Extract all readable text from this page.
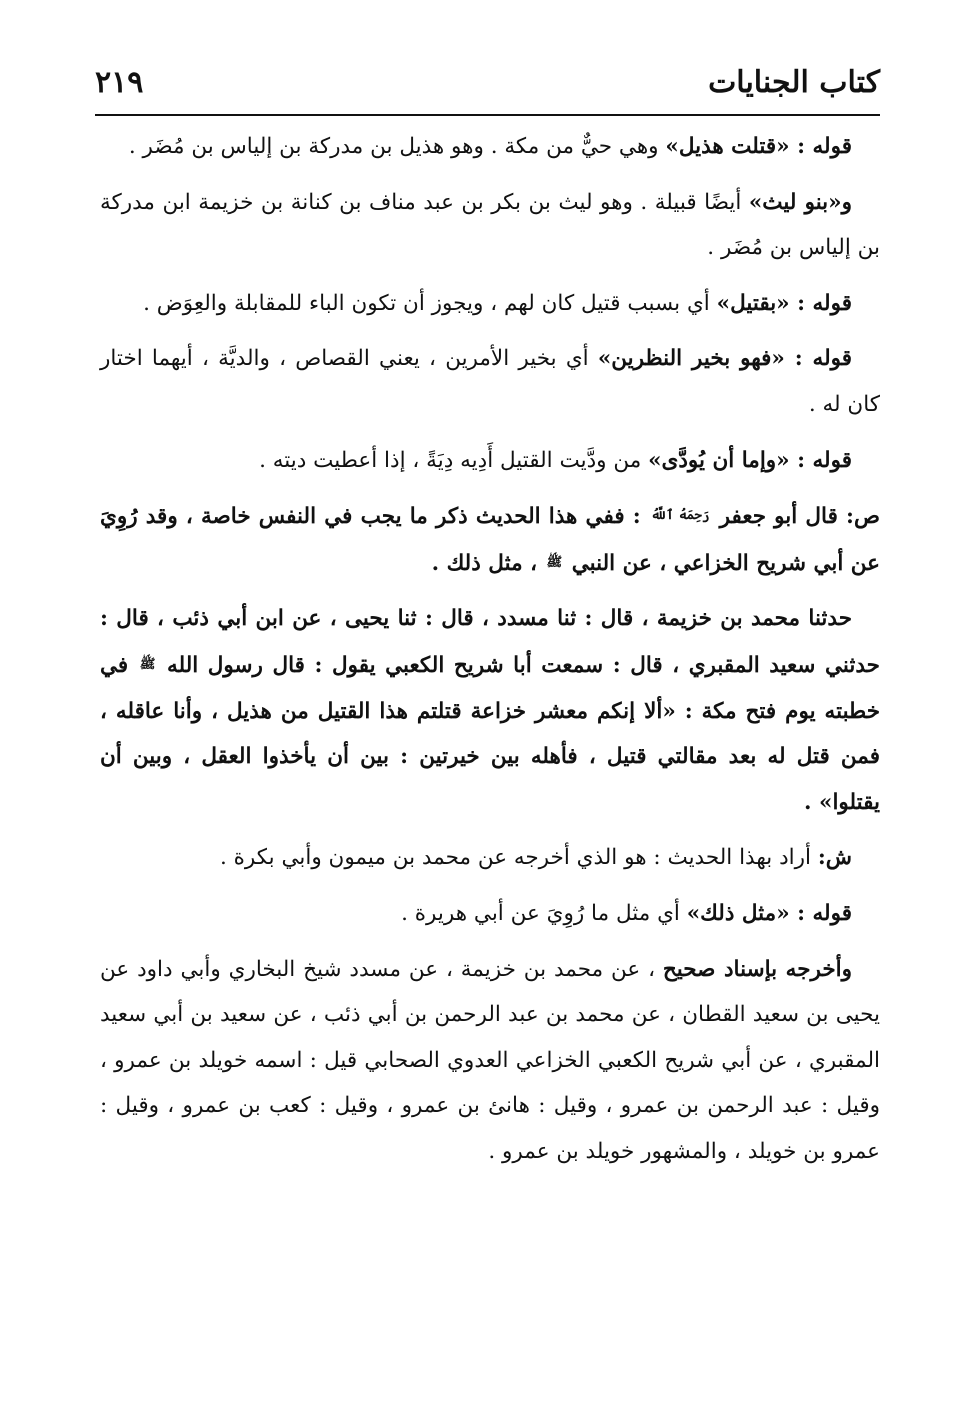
كتاب الجنايات
٢١٩

قوله : «قتلت هذيل» وهي حيٌّ من مكة . وهو هذيل بن مدركة بن إلياس بن مُضَر .

و«بنو ليث» أيضًا قبيلة . وهو ليث بن بكر بن عبد مناف بن كنانة بن خزيمة ابن مدركة بن إلياس بن مُضَر .

قوله : «بقتيل» أي بسبب قتيل كان لهم ، ويجوز أن تكون الباء للمقابلة والعِوَض .

قوله : «فهو بخير النظرين» أي بخير الأمرين ، يعني القصاص ، والديَّة ، أيهما اختار كان له .

قوله : «وإما أن يُودَّى» من ودَّيت القتيل أَدِيه دِيَةً ، إذا أعطيت ديته .

ص: قال أبو جعفر رَحِمَهُ ٱللَّهُ : ففي هذا الحديث ذكر ما يجب في النفس خاصة ، وقد رُوِيَ عن أبي شريح الخزاعي ، عن النبي ﷺ ، مثل ذلك .

حدثنا محمد بن خزيمة ، قال : ثنا مسدد ، قال : ثنا يحيى ، عن ابن أبي ذئب ، قال : حدثني سعيد المقبري ، قال : سمعت أبا شريح الكعبي يقول : قال رسول الله ﷺ في خطبته يوم فتح مكة : «ألا إنكم معشر خزاعة قتلتم هذا القتيل من هذيل ، وأنا عاقله ، فمن قتل له بعد مقالتي قتيل ، فأهله بين خيرتين : بين أن يأخذوا العقل ، وبين أن يقتلوا» .

ش: أراد بهذا الحديث : هو الذي أخرجه عن محمد بن ميمون وأبي بكرة .

قوله : «مثل ذلك» أي مثل ما رُوِيَ عن أبي هريرة .

وأخرجه بإسناد صحيح ، عن محمد بن خزيمة ، عن مسدد شيخ البخاري وأبي داود عن يحيى بن سعيد القطان ، عن محمد بن عبد الرحمن بن أبي ذئب ، عن سعيد بن أبي سعيد المقبري ، عن أبي شريح الكعبي الخزاعي العدوي الصحابي قيل : اسمه خويلد بن عمرو ، وقيل : عبد الرحمن بن عمرو ، وقيل : هانئ بن عمرو ، وقيل : كعب بن عمرو ، وقيل : عمرو بن خويلد ، والمشهور خويلد بن عمرو .
